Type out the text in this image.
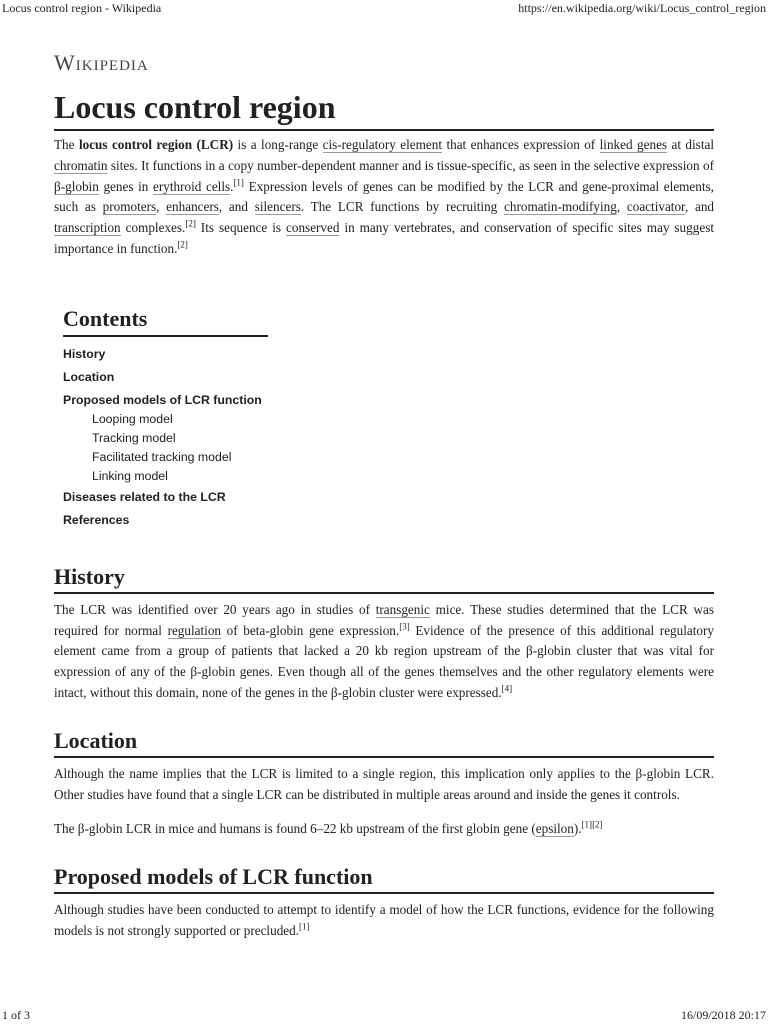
Locus control region - Wikipedia	https://en.wikipedia.org/wiki/Locus_control_region
Wikipedia
Locus control region

The locus control region (LCR) is a long-range cis-regulatory element that enhances expression of linked genes at distal chromatin sites. It functions in a copy number-dependent manner and is tissue-specific, as seen in the selective expression of β-globin genes in erythroid cells.[1] Expression levels of genes can be modified by the LCR and gene-proximal elements, such as promoters, enhancers, and silencers. The LCR functions by recruiting chromatin-modifying, coactivator, and transcription complexes.[2] Its sequence is conserved in many vertebrates, and conservation of specific sites may suggest importance in function.[2]

Contents
History
Location
Proposed models of LCR function
Looping model
Tracking model
Facilitated tracking model
Linking model
Diseases related to the LCR
References
History

The LCR was identified over 20 years ago in studies of transgenic mice. These studies determined that the LCR was required for normal regulation of beta-globin gene expression.[3] Evidence of the presence of this additional regulatory element came from a group of patients that lacked a 20 kb region upstream of the β-globin cluster that was vital for expression of any of the β-globin genes. Even though all of the genes themselves and the other regulatory elements were intact, without this domain, none of the genes in the β-globin cluster were expressed.[4]

Location

Although the name implies that the LCR is limited to a single region, this implication only applies to the β-globin LCR. Other studies have found that a single LCR can be distributed in multiple areas around and inside the genes it controls.

The β-globin LCR in mice and humans is found 6–22 kb upstream of the first globin gene (epsilon).[1][2]

Proposed models of LCR function

Although studies have been conducted to attempt to identify a model of how the LCR functions, evidence for the following models is not strongly supported or precluded.[1]

1 of 3	16/09/2018 20:17
